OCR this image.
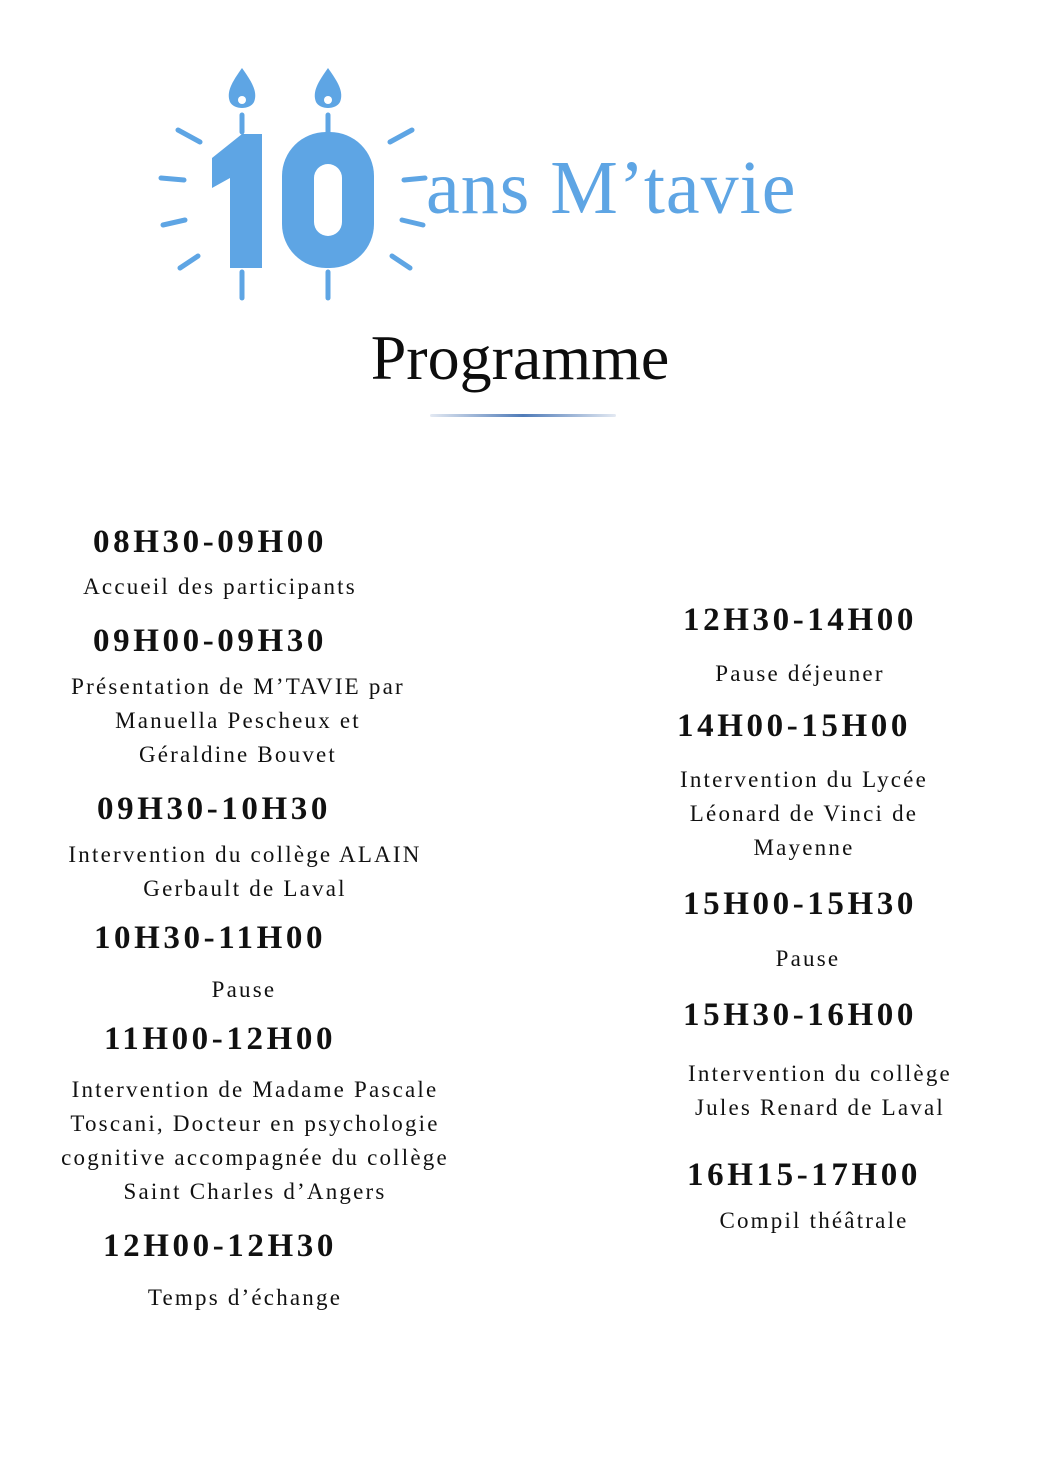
ans M’tavie
Programme
08H30-09H00
Accueil des participants
09H00-09H30
Présentation de M’TAVIE par
Manuella Pescheux et
Géraldine Bouvet
09H30-10H30
Intervention du collège ALAIN
Gerbault de Laval
10H30-11H00
Pause
11H00-12H00
Intervention de Madame Pascale
Toscani, Docteur en psychologie
cognitive accompagnée du collège
Saint Charles d’Angers
12H00-12H30
Temps d’échange
12H30-14H00
Pause déjeuner
14H00-15H00
Intervention du Lycée
Léonard de Vinci de
Mayenne
15H00-15H30
Pause
15H30-16H00
Intervention du collège
Jules Renard de Laval
16H15-17H00
Compil théâtrale
